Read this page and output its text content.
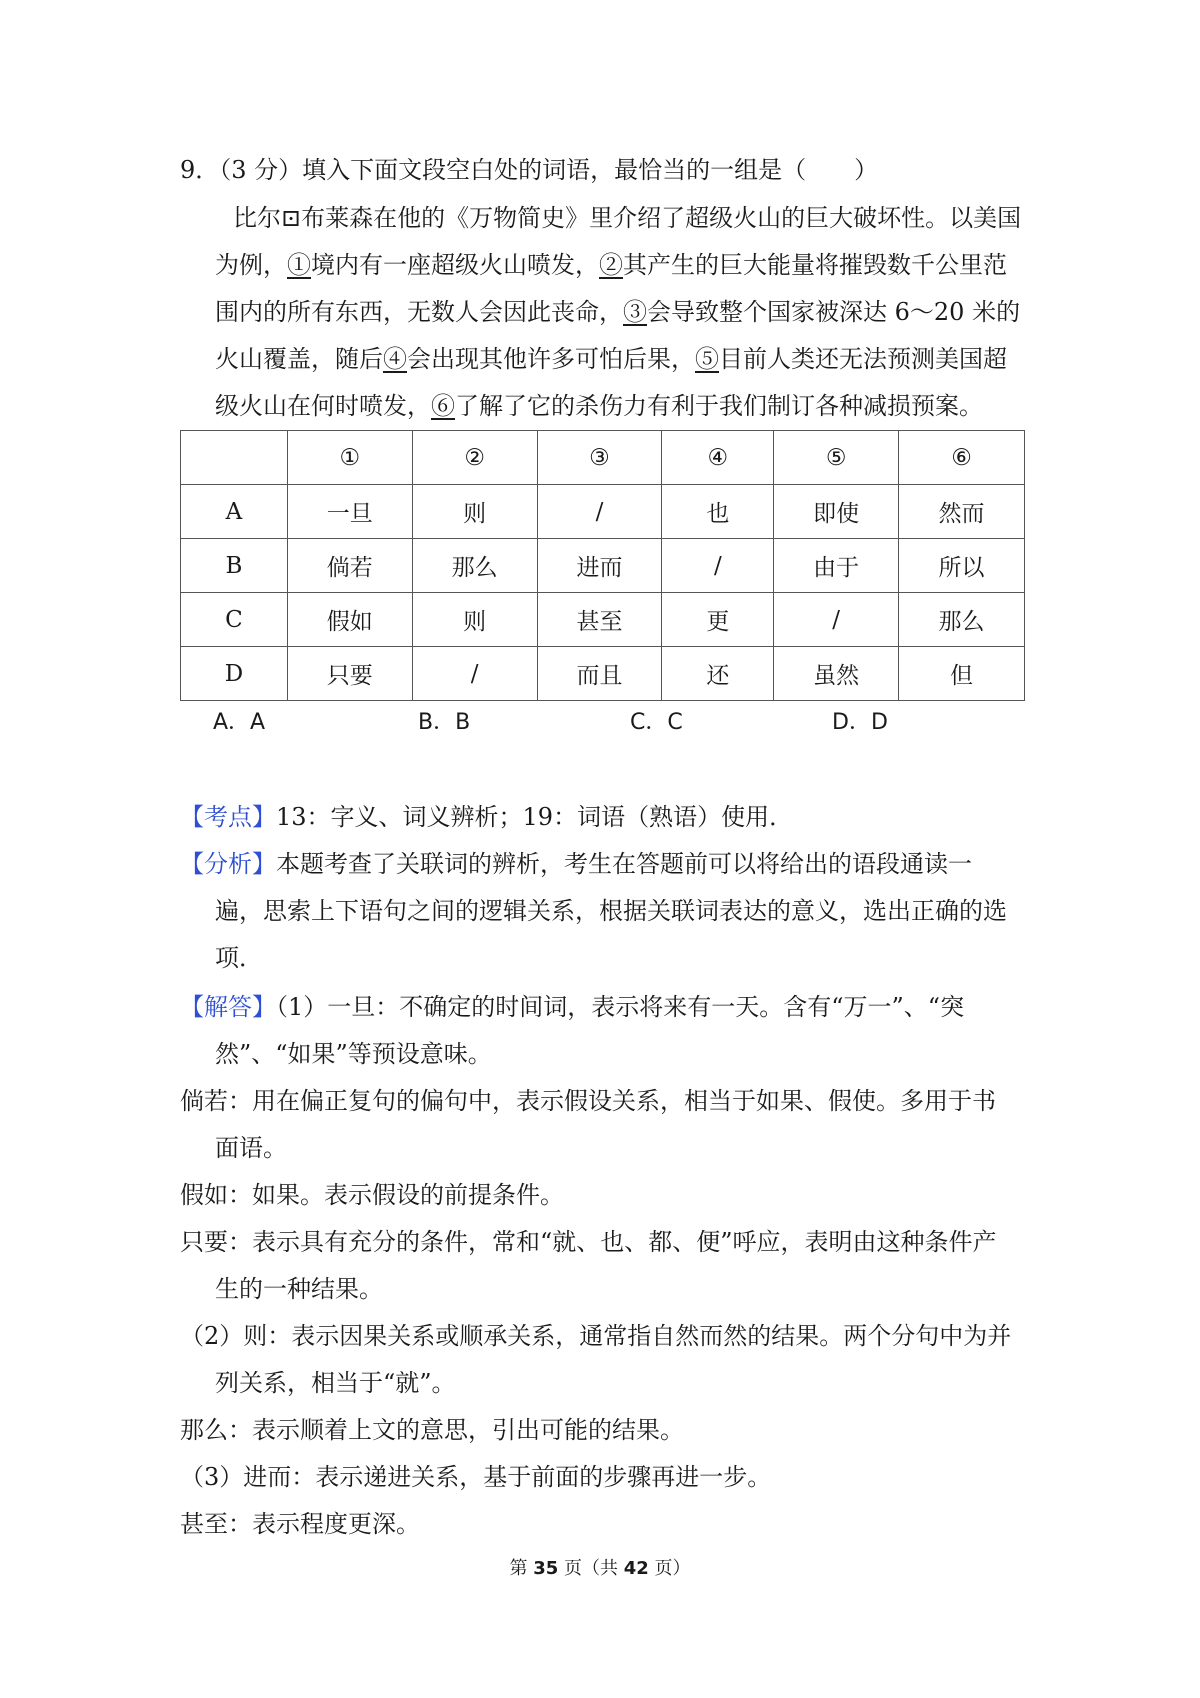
9．（3 分）填入下面文段空白处的词语，最恰当的一组是（　　）
比尔⊡布莱森在他的《万物简史》里介绍了超级火山的巨大破坏性。以美国
为例，①境内有一座超级火山喷发，②其产生的巨大能量将摧毁数千公里范
围内的所有东西，无数人会因此丧命，③会导致整个国家被深达 6～20 米的
火山覆盖，随后④会出现其他许多可怕后果，⑤目前人类还无法预测美国超
级火山在何时喷发，⑥了解了它的杀伤力有利于我们制订各种减损预案。
	①	②	③	④	⑤	⑥
A	一旦	则	/	也	即使	然而
B	倘若	那么	进而	/	由于	所以
C	假如	则	甚至	更	/	那么
D	只要	/	而且	还	虽然	但
A．A	B．B	C．C	D．D
【考点】13：字义、词义辨析；19：词语（熟语）使用．
【分析】本题考查了关联词的辨析，考生在答题前可以将给出的语段通读一
遍，思索上下语句之间的逻辑关系，根据关联词表达的意义，选出正确的选
项．
【解答】（1）一旦：不确定的时间词，表示将来有一天。含有“万一”、“突
然”、“如果”等预设意味。
倘若：用在偏正复句的偏句中，表示假设关系，相当于如果、假使。多用于书
面语。
假如：如果。表示假设的前提条件。
只要：表示具有充分的条件，常和“就、也、都、便”呼应，表明由这种条件产
生的一种结果。
（2）则：表示因果关系或顺承关系，通常指自然而然的结果。两个分句中为并
列关系，相当于“就”。
那么：表示顺着上文的意思，引出可能的结果。
（3）进而：表示递进关系，基于前面的步骤再进一步。
甚至：表示程度更深。
第 35 页（共 42 页）
